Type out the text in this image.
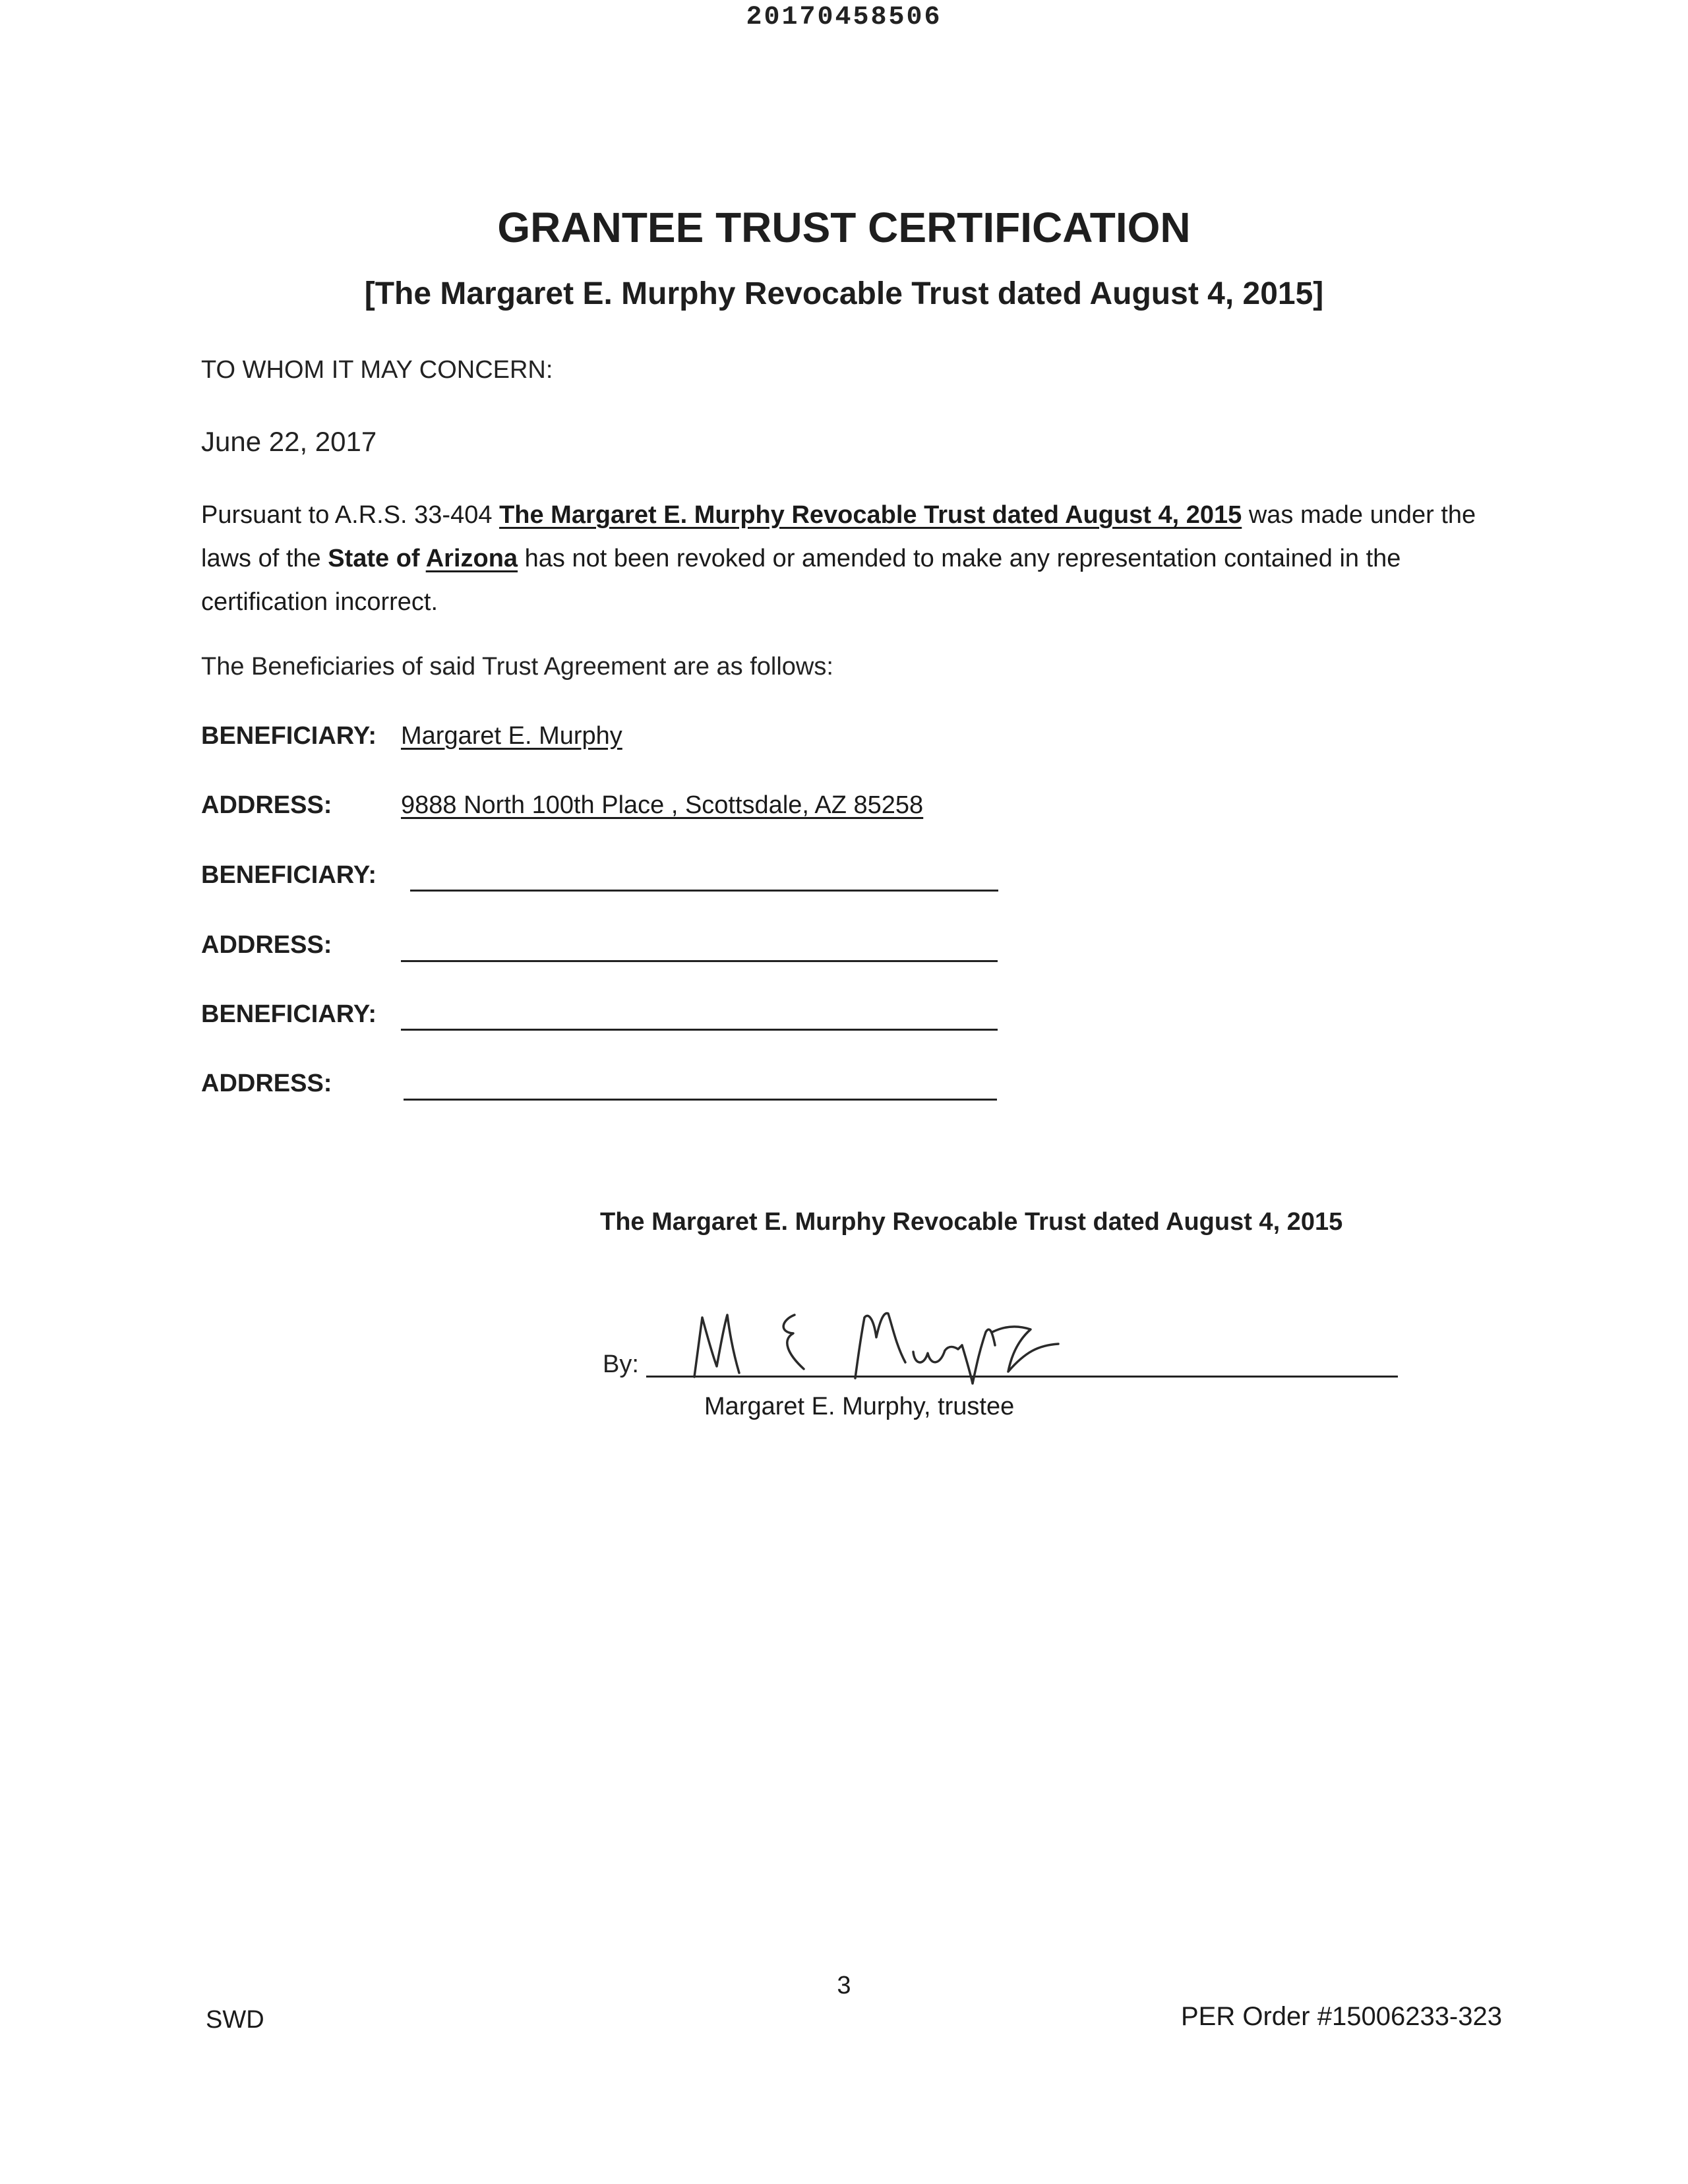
20170458506
GRANTEE TRUST CERTIFICATION
[The Margaret E. Murphy Revocable Trust dated August 4, 2015]
TO WHOM IT MAY CONCERN:
June 22, 2017
Pursuant to A.R.S. 33-404 The Margaret E. Murphy Revocable Trust dated August 4, 2015 was made under the laws of the State of Arizona has not been revoked or amended to make any representation contained in the certification incorrect.
The Beneficiaries of said Trust Agreement are as follows:
BENEFICIARY: Margaret E. Murphy
ADDRESS:	9888 North 100th Place , Scottsdale, AZ 85258
BENEFICIARY:
ADDRESS:
BENEFICIARY:
ADDRESS:
The Margaret E. Murphy Revocable Trust dated August 4, 2015
By:
Margaret E. Murphy, trustee
3
SWD	PER Order #15006233-323
